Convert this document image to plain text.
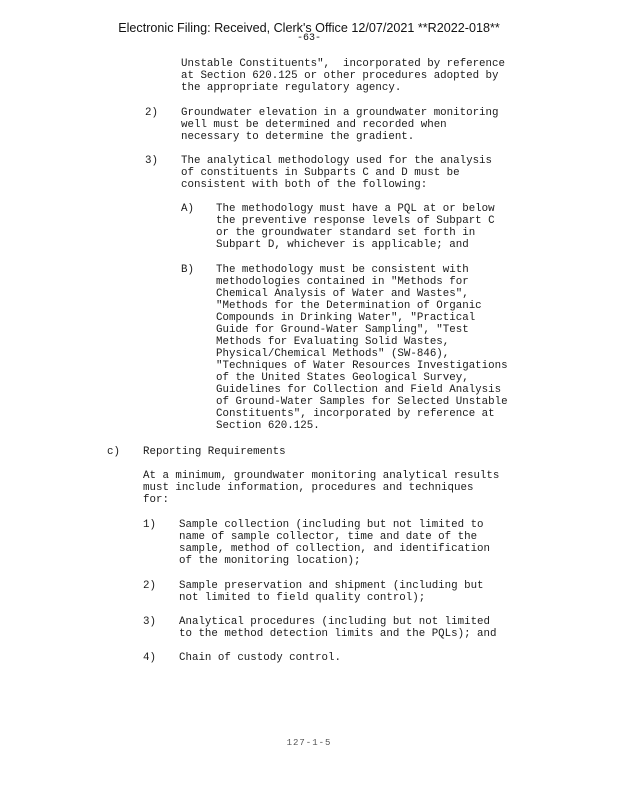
Electronic Filing: Received, Clerk's Office 12/07/2021 **R2022-018**
-63-
Unstable Constituents",  incorporated by reference
at Section 620.125 or other procedures adopted by
the appropriate regulatory agency.
2) Groundwater elevation in a groundwater monitoring
well must be determined and recorded when
necessary to determine the gradient.
3) The analytical methodology used for the analysis
of constituents in Subparts C and D must be
consistent with both of the following:
A) The methodology must have a PQL at or below
the preventive response levels of Subpart C
or the groundwater standard set forth in
Subpart D, whichever is applicable; and
B) The methodology must be consistent with
methodologies contained in "Methods for
Chemical Analysis of Water and Wastes",
"Methods for the Determination of Organic
Compounds in Drinking Water", "Practical
Guide for Ground-Water Sampling", "Test
Methods for Evaluating Solid Wastes,
Physical/Chemical Methods" (SW-846),
"Techniques of Water Resources Investigations
of the United States Geological Survey,
Guidelines for Collection and Field Analysis
of Ground-Water Samples for Selected Unstable
Constituents", incorporated by reference at
Section 620.125.
c) Reporting Requirements
At a minimum, groundwater monitoring analytical results
must include information, procedures and techniques
for:
1) Sample collection (including but not limited to
name of sample collector, time and date of the
sample, method of collection, and identification
of the monitoring location);
2) Sample preservation and shipment (including but
not limited to field quality control);
3) Analytical procedures (including but not limited
to the method detection limits and the PQLs); and
4) Chain of custody control.
127-1-5
